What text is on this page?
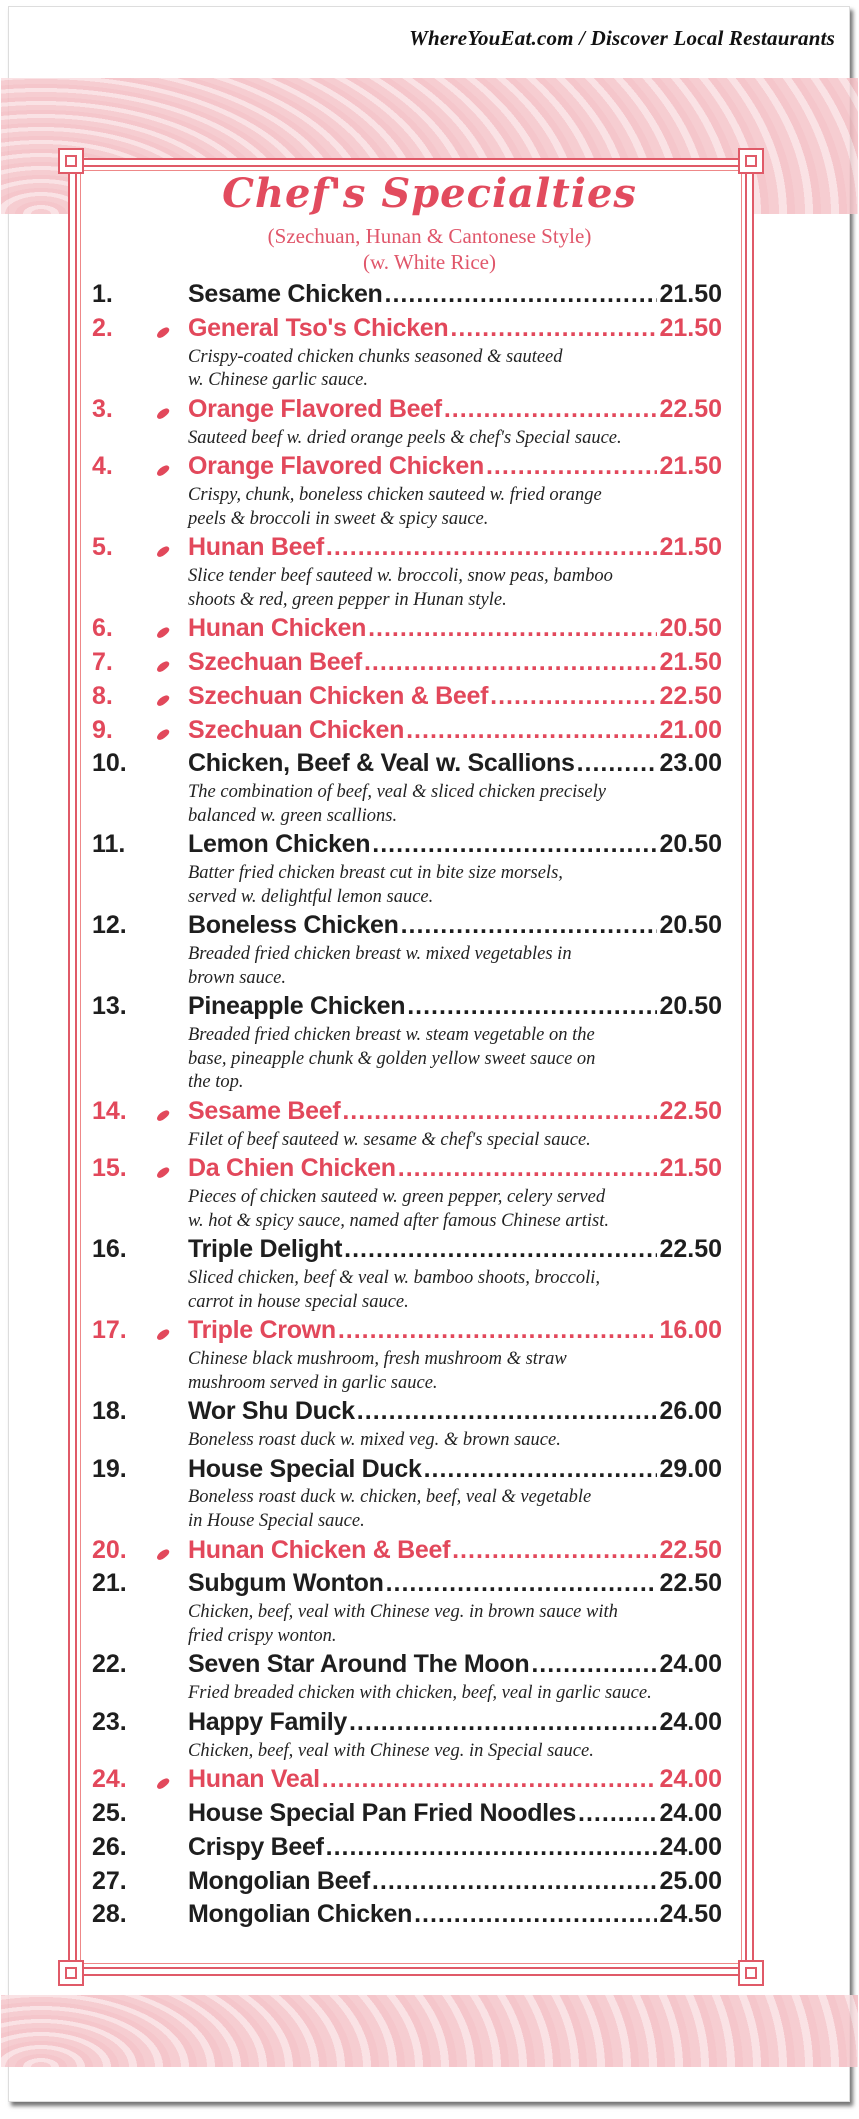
WhereYouEat.com / Discover Local Restaurants
Chef's Specialties
(Szechuan, Hunan & Cantonese Style)
(w. White Rice)
1.	Sesame Chicken .....	21.50
2.	General Tso's Chicken .....	21.50
Crispy-coated chicken chunks seasoned & sauteed
w. Chinese garlic sauce.
3.	Orange Flavored Beef .....	22.50
Sauteed beef w. dried orange peels & chef's Special sauce.
4.	Orange Flavored Chicken .....	21.50
Crispy, chunk, boneless chicken sauteed w. fried orange
peels & broccoli in sweet & spicy sauce.
5.	Hunan Beef .....	21.50
Slice tender beef sauteed w. broccoli, snow peas, bamboo
shoots & red, green pepper in Hunan style.
6.	Hunan Chicken .....	20.50
7.	Szechuan Beef .....	21.50
8.	Szechuan Chicken & Beef .....	22.50
9.	Szechuan Chicken .....	21.00
10.	Chicken, Beef & Veal w. Scallions .....	23.00
The combination of beef, veal & sliced chicken precisely
balanced w. green scallions.
11.	Lemon Chicken .....	20.50
Batter fried chicken breast cut in bite size morsels,
served w. delightful lemon sauce.
12.	Boneless Chicken .....	20.50
Breaded fried chicken breast w. mixed vegetables in
brown sauce.
13.	Pineapple Chicken .....	20.50
Breaded fried chicken breast w. steam vegetable on the
base, pineapple chunk & golden yellow sweet sauce on
the top.
14.	Sesame Beef .....	22.50
Filet of beef sauteed w. sesame & chef's special sauce.
15.	Da Chien Chicken .....	21.50
Pieces of chicken sauteed w. green pepper, celery served
w. hot & spicy sauce, named after famous Chinese artist.
16.	Triple Delight .....	22.50
Sliced chicken, beef & veal w. bamboo shoots, broccoli,
carrot in house special sauce.
17.	Triple Crown .....	16.00
Chinese black mushroom, fresh mushroom & straw
mushroom served in garlic sauce.
18.	Wor Shu Duck .....	26.00
Boneless roast duck w. mixed veg. & brown sauce.
19.	House Special Duck .....	29.00
Boneless roast duck w. chicken, beef, veal & vegetable
in House Special sauce.
20.	Hunan Chicken & Beef .....	22.50
21.	Subgum Wonton .....	22.50
Chicken, beef, veal with Chinese veg. in brown sauce with
fried crispy wonton.
22.	Seven Star Around The Moon .....	24.00
Fried breaded chicken with chicken, beef, veal in garlic sauce.
23.	Happy Family .....	24.00
Chicken, beef, veal with Chinese veg. in Special sauce.
24.	Hunan Veal .....	24.00
25.	House Special Pan Fried Noodles .....	24.00
26.	Crispy Beef .....	24.00
27.	Mongolian Beef .....	25.00
28.	Mongolian Chicken .....	24.50
